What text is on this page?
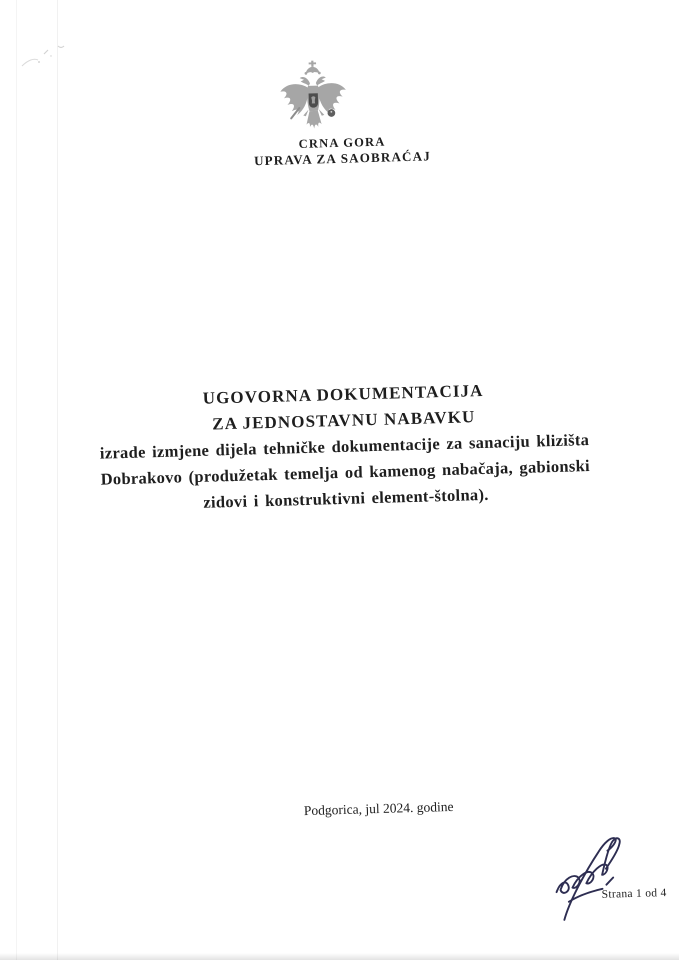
CRNA GORA
UPRAVA ZA SAOBRAĆAJ
UGOVORNA DOKUMENTACIJA
ZA JEDNOSTAVNU NABAVKU
izrade izmjene dijela tehničke dokumentacije za sanaciju klizišta
Dobrakovo (produžetak temelja od kamenog nabačaja, gabionski
zidovi i konstruktivni element-štolna).
Podgorica, jul 2024. godine
Strana 1 od 4
